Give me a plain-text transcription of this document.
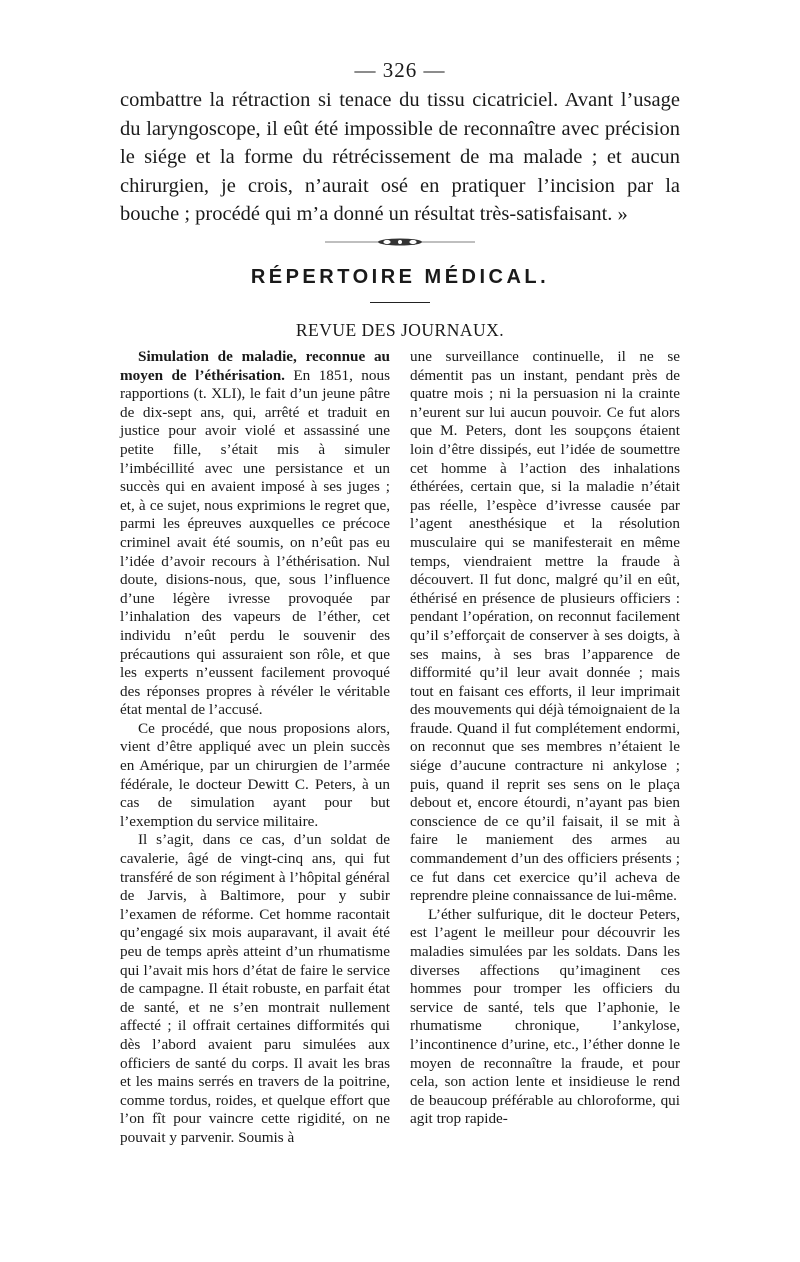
— 326 —

combattre la rétraction si tenace du tissu cicatriciel. Avant l’usage du laryngoscope, il eût été impossible de reconnaître avec précision le siége et la forme du rétrécissement de ma malade ; et aucun chirurgien, je crois, n’aurait osé en pratiquer l’incision par la bouche ; procédé qui m’a donné un résultat très-satisfaisant. »

RÉPERTOIRE MÉDICAL.
REVUE DES JOURNAUX.

Simulation de maladie, reconnue au moyen de l’éthérisation. En 1851, nous rapportions (t. XLI), le fait d’un jeune pâtre de dix-sept ans, qui, arrêté et traduit en justice pour avoir violé et assassiné une petite fille, s’était mis à simuler l’imbécillité avec une persistance et un succès qui en avaient imposé à ses juges ; et, à ce sujet, nous exprimions le regret que, parmi les épreuves auxquelles ce précoce criminel avait été soumis, on n’eût pas eu l’idée d’avoir recours à l’éthérisation. Nul doute, disions-nous, que, sous l’influence d’une légère ivresse provoquée par l’inhalation des vapeurs de l’éther, cet individu n’eût perdu le souvenir des précautions qui assuraient son rôle, et que les experts n’eussent facilement provoqué des réponses propres à révéler le véritable état mental de l’accusé.

Ce procédé, que nous proposions alors, vient d’être appliqué avec un plein succès en Amérique, par un chirurgien de l’armée fédérale, le docteur Dewitt C. Peters, à un cas de simulation ayant pour but l’exemption du service militaire.

Il s’agit, dans ce cas, d’un soldat de cavalerie, âgé de vingt-cinq ans, qui fut transféré de son régiment à l’hôpital général de Jarvis, à Baltimore, pour y subir l’examen de réforme. Cet homme racontait qu’engagé six mois auparavant, il avait été peu de temps après atteint d’un rhumatisme qui l’avait mis hors d’état de faire le service de campagne. Il était robuste, en parfait état de santé, et ne s’en montrait nullement affecté ; il offrait certaines difformités qui dès l’abord avaient paru simulées aux officiers de santé du corps. Il avait les bras et les mains serrés en travers de la poitrine, comme tordus, roides, et quelque effort que l’on fît pour vaincre cette rigidité, on ne pouvait y parvenir. Soumis à

une surveillance continuelle, il ne se démentit pas un instant, pendant près de quatre mois ; ni la persuasion ni la crainte n’eurent sur lui aucun pouvoir. Ce fut alors que M. Peters, dont les soupçons étaient loin d’être dissipés, eut l’idée de soumettre cet homme à l’action des inhalations éthérées, certain que, si la maladie n’était pas réelle, l’espèce d’ivresse causée par l’agent anesthésique et la résolution musculaire qui se manifesterait en même temps, viendraient mettre la fraude à découvert. Il fut donc, malgré qu’il en eût, éthérisé en présence de plusieurs officiers : pendant l’opération, on reconnut facilement qu’il s’efforçait de conserver à ses doigts, à ses mains, à ses bras l’apparence de difformité qu’il leur avait donnée ; mais tout en faisant ces efforts, il leur imprimait des mouvements qui déjà témoignaient de la fraude. Quand il fut complétement endormi, on reconnut que ses membres n’étaient le siége d’aucune contracture ni ankylose ; puis, quand il reprit ses sens on le plaça debout et, encore étourdi, n’ayant pas bien conscience de ce qu’il faisait, il se mit à faire le maniement des armes au commandement d’un des officiers présents ; ce fut dans cet exercice qu’il acheva de reprendre pleine connaissance de lui-même.

L’éther sulfurique, dit le docteur Peters, est l’agent le meilleur pour découvrir les maladies simulées par les soldats. Dans les diverses affections qu’imaginent ces hommes pour tromper les officiers du service de santé, tels que l’aphonie, le rhumatisme chronique, l’ankylose, l’incontinence d’urine, etc., l’éther donne le moyen de reconnaître la fraude, et pour cela, son action lente et insidieuse le rend de beaucoup préférable au chloroforme, qui agit trop rapide-
